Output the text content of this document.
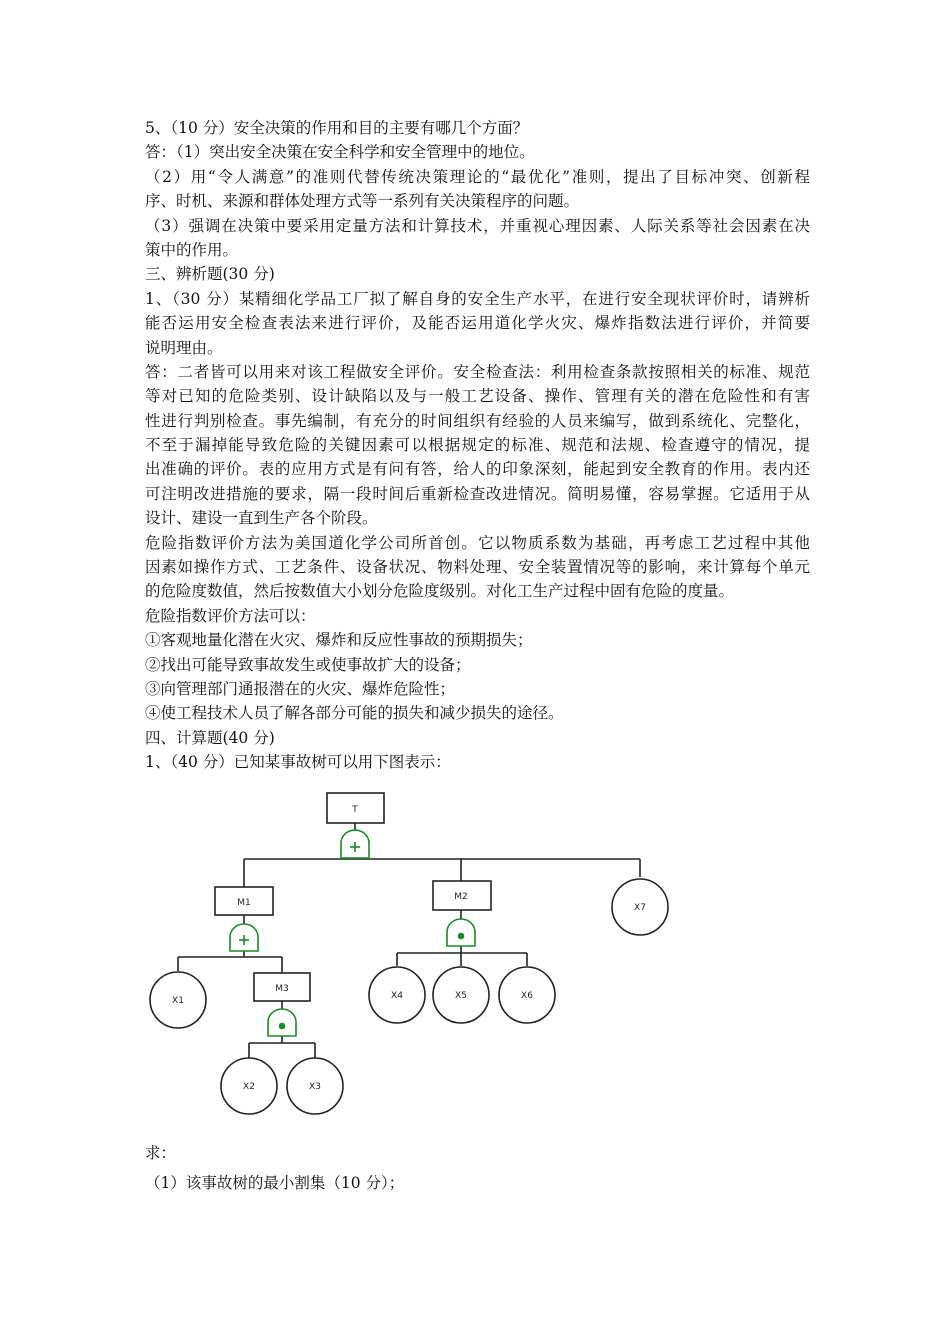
5、（10 分）安全决策的作用和目的主要有哪几个方面？
答：（1）突出安全决策在安全科学和安全管理中的地位。
（2）用“令人满意”的准则代替传统决策理论的“最优化”准则，提出了目标冲突、创新程
序、时机、来源和群体处理方式等一系列有关决策程序的问题。
（3）强调在决策中要采用定量方法和计算技术，并重视心理因素、人际关系等社会因素在决
策中的作用。
三、辨析题(30 分)
1、（30 分）某精细化学品工厂拟了解自身的安全生产水平，在进行安全现状评价时，请辨析
能否运用安全检查表法来进行评价，及能否运用道化学火灾、爆炸指数法进行评价，并简要
说明理由。
答：二者皆可以用来对该工程做安全评价。安全检查法：利用检查条款按照相关的标准、规范
等对已知的危险类别、设计缺陷以及与一般工艺设备、操作、管理有关的潜在危险性和有害
性进行判别检查。事先编制，有充分的时间组织有经验的人员来编写，做到系统化、完整化，
不至于漏掉能导致危险的关键因素可以根据规定的标准、规范和法规、检查遵守的情况，提
出准确的评价。表的应用方式是有问有答，给人的印象深刻，能起到安全教育的作用。表内还
可注明改进措施的要求，隔一段时间后重新检查改进情况。简明易懂，容易掌握。它适用于从
设计、建设一直到生产各个阶段。
危险指数评价方法为美国道化学公司所首创。它以物质系数为基础，再考虑工艺过程中其他
因素如操作方式、工艺条件、设备状况、物料处理、安全装置情况等的影响，来计算每个单元
的危险度数值，然后按数值大小划分危险度级别。对化工生产过程中固有危险的度量。
危险指数评价方法可以：
①客观地量化潜在火灾、爆炸和反应性事故的预期损失；
②找出可能导致事故发生或使事故扩大的设备；
③向管理部门通报潜在的火灾、爆炸危险性；
④使工程技术人员了解各部分可能的损失和减少损失的途径。
四、计算题(40 分)
1、（40 分）已知某事故树可以用下图表示：
T
M1
M2
M3
X1
X2	X3
X4	X5	X6
X7
求：
（1）该事故树的最小割集（10 分）；
